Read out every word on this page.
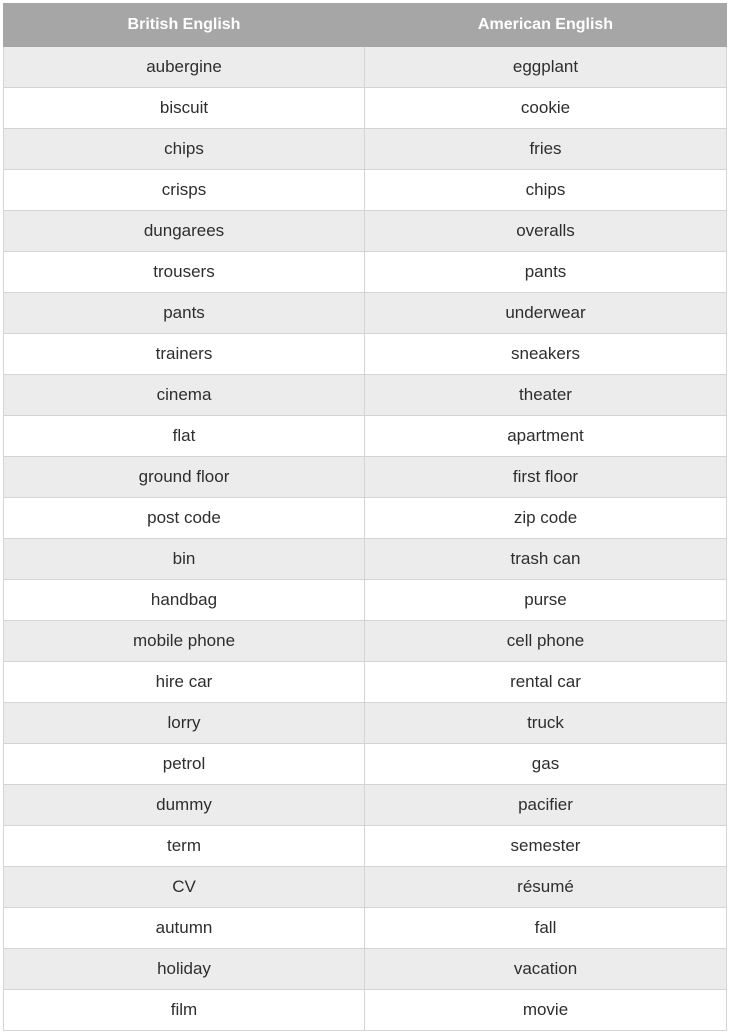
British English	American English
aubergine	eggplant
biscuit	cookie
chips	fries
crisps	chips
dungarees	overalls
trousers	pants
pants	underwear
trainers	sneakers
cinema	theater
flat	apartment
ground floor	first floor
post code	zip code
bin	trash can
handbag	purse
mobile phone	cell phone
hire car	rental car
lorry	truck
petrol	gas
dummy	pacifier
term	semester
CV	résumé
autumn	fall
holiday	vacation
film	movie
